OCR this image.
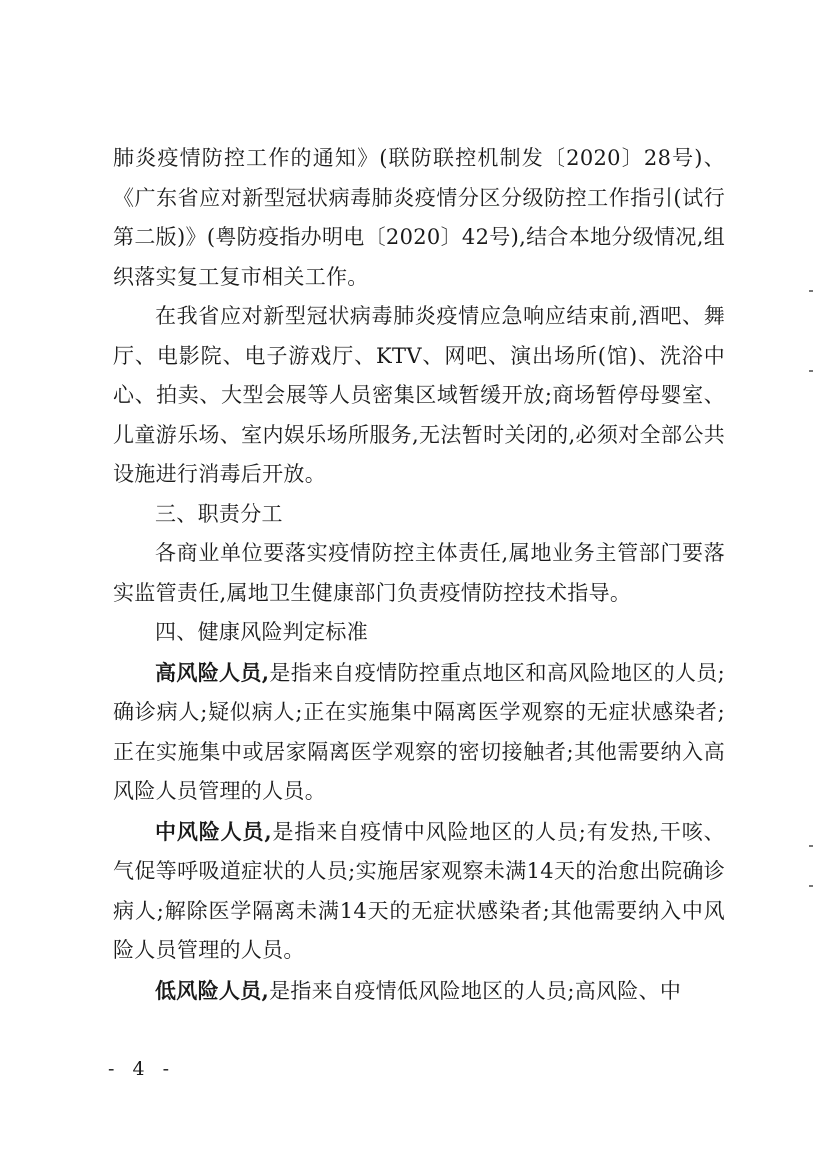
肺炎疫情防控工作的通知》(联防联控机制发〔2020〕28号)、《广东省应对新型冠状病毒肺炎疫情分区分级防控工作指引(试行第二版)》(粤防疫指办明电〔2020〕42号),结合本地分级情况,组织落实复工复市相关工作。

在我省应对新型冠状病毒肺炎疫情应急响应结束前,酒吧、舞厅、电影院、电子游戏厅、KTV、网吧、演出场所(馆)、洗浴中心、拍卖、大型会展等人员密集区域暂缓开放;商场暂停母婴室、儿童游乐场、室内娱乐场所服务,无法暂时关闭的,必须对全部公共设施进行消毒后开放。

三、职责分工

各商业单位要落实疫情防控主体责任,属地业务主管部门要落实监管责任,属地卫生健康部门负责疫情防控技术指导。

四、健康风险判定标准

高风险人员,是指来自疫情防控重点地区和高风险地区的人员;确诊病人;疑似病人;正在实施集中隔离医学观察的无症状感染者;正在实施集中或居家隔离医学观察的密切接触者;其他需要纳入高风险人员管理的人员。

中风险人员,是指来自疫情中风险地区的人员;有发热,干咳、气促等呼吸道症状的人员;实施居家观察未满14天的治愈出院确诊病人;解除医学隔离未满14天的无症状感染者;其他需要纳入中风险人员管理的人员。

低风险人员,是指来自疫情低风险地区的人员;高风险、中

- 4 -
